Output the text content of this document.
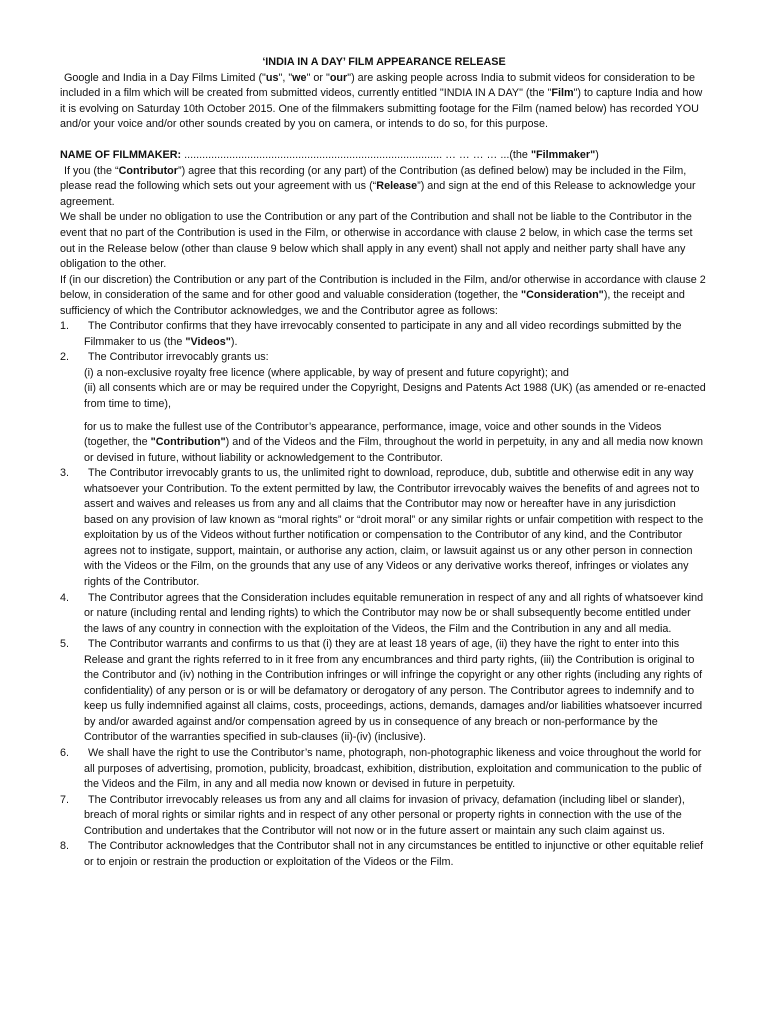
‘INDIA IN A DAY’ FILM APPEARANCE RELEASE

Google and India in a Day Films Limited ("us", "we" or "our") are asking people across India to submit videos for consideration to be included in a film which will be created from submitted videos, currently entitled "INDIA IN A DAY" (the "Film") to capture India and how it is evolving on Saturday 10th October 2015. One of the filmmakers submitting footage for the Film (named below) has recorded YOU and/or your voice and/or other sounds created by you on camera, or intends to do so, for this purpose.

NAME OF FILMMAKER: ...................................................................................... … … … … ...(the "Filmmaker")

If you (the “Contributor”) agree that this recording (or any part) of the Contribution (as defined below) may be included in the Film, please read the following which sets out your agreement with us (“Release”) and sign at the end of this Release to acknowledge your agreement.

We shall be under no obligation to use the Contribution or any part of the Contribution and shall not be liable to the Contributor in the event that no part of the Contribution is used in the Film, or otherwise in accordance with clause 2 below, in which case the terms set out in the Release below (other than clause 9 below which shall apply in any event) shall not apply and neither party shall have any obligation to the other.

If (in our discretion) the Contribution or any part of the Contribution is included in the Film, and/or otherwise in accordance with clause 2 below, in consideration of the same and for other good and valuable consideration (together, the "Consideration"), the receipt and sufficiency of which the Contributor acknowledges, we and the Contributor agree as follows:

1. The Contributor confirms that they have irrevocably consented to participate in any and all video recordings submitted by the Filmmaker to us (the "Videos").
2. The Contributor irrevocably grants us:

(i) a non-exclusive royalty free licence (where applicable, by way of present and future copyright); and

(ii) all consents which are or may be required under the Copyright, Designs and Patents Act 1988 (UK) (as amended or re-enacted from time to time),

for us to make the fullest use of the Contributor’s appearance, performance, image, voice and other sounds in the Videos (together, the "Contribution") and of the Videos and the Film, throughout the world in perpetuity, in any and all media now known or devised in future, without liability or acknowledgement to the Contributor.

3. The Contributor irrevocably grants to us, the unlimited right to download, reproduce, dub, subtitle and otherwise edit in any way whatsoever your Contribution. To the extent permitted by law, the Contributor irrevocably waives the benefits of and agrees not to assert and waives and releases us from any and all claims that the Contributor may now or hereafter have in any jurisdiction based on any provision of law known as “moral rights” or “droit moral” or any similar rights or unfair competition with respect to the exploitation by us of the Videos without further notification or compensation to the Contributor of any kind, and the Contributor agrees not to instigate, support, maintain, or authorise any action, claim, or lawsuit against us or any other person in connection with the Videos or the Film, on the grounds that any use of any Videos or any derivative works thereof, infringes or violates any rights of the Contributor.
4. The Contributor agrees that the Consideration includes equitable remuneration in respect of any and all rights of whatsoever kind or nature (including rental and lending rights) to which the Contributor may now be or shall subsequently become entitled under the laws of any country in connection with the exploitation of the Videos, the Film and the Contribution in any and all media.
5. The Contributor warrants and confirms to us that (i) they are at least 18 years of age, (ii) they have the right to enter into this Release and grant the rights referred to in it free from any encumbrances and third party rights, (iii) the Contribution is original to the Contributor and (iv) nothing in the Contribution infringes or will infringe the copyright or any other rights (including any rights of confidentiality) of any person or is or will be defamatory or derogatory of any person. The Contributor agrees to indemnify and to keep us fully indemnified against all claims, costs, proceedings, actions, demands, damages and/or liabilities whatsoever incurred by and/or awarded against and/or compensation agreed by us in consequence of any breach or non-performance by the Contributor of the warranties specified in sub-clauses (ii)-(iv) (inclusive).
6. We shall have the right to use the Contributor’s name, photograph, non-photographic likeness and voice throughout the world for all purposes of advertising, promotion, publicity, broadcast, exhibition, distribution, exploitation and communication to the public of the Videos and the Film, in any and all media now known or devised in future in perpetuity.
7. The Contributor irrevocably releases us from any and all claims for invasion of privacy, defamation (including libel or slander), breach of moral rights or similar rights and in respect of any other personal or property rights in connection with the use of the Contribution and undertakes that the Contributor will not now or in the future assert or maintain any such claim against us.
8. The Contributor acknowledges that the Contributor shall not in any circumstances be entitled to injunctive or other equitable relief or to enjoin or restrain the production or exploitation of the Videos or the Film.
